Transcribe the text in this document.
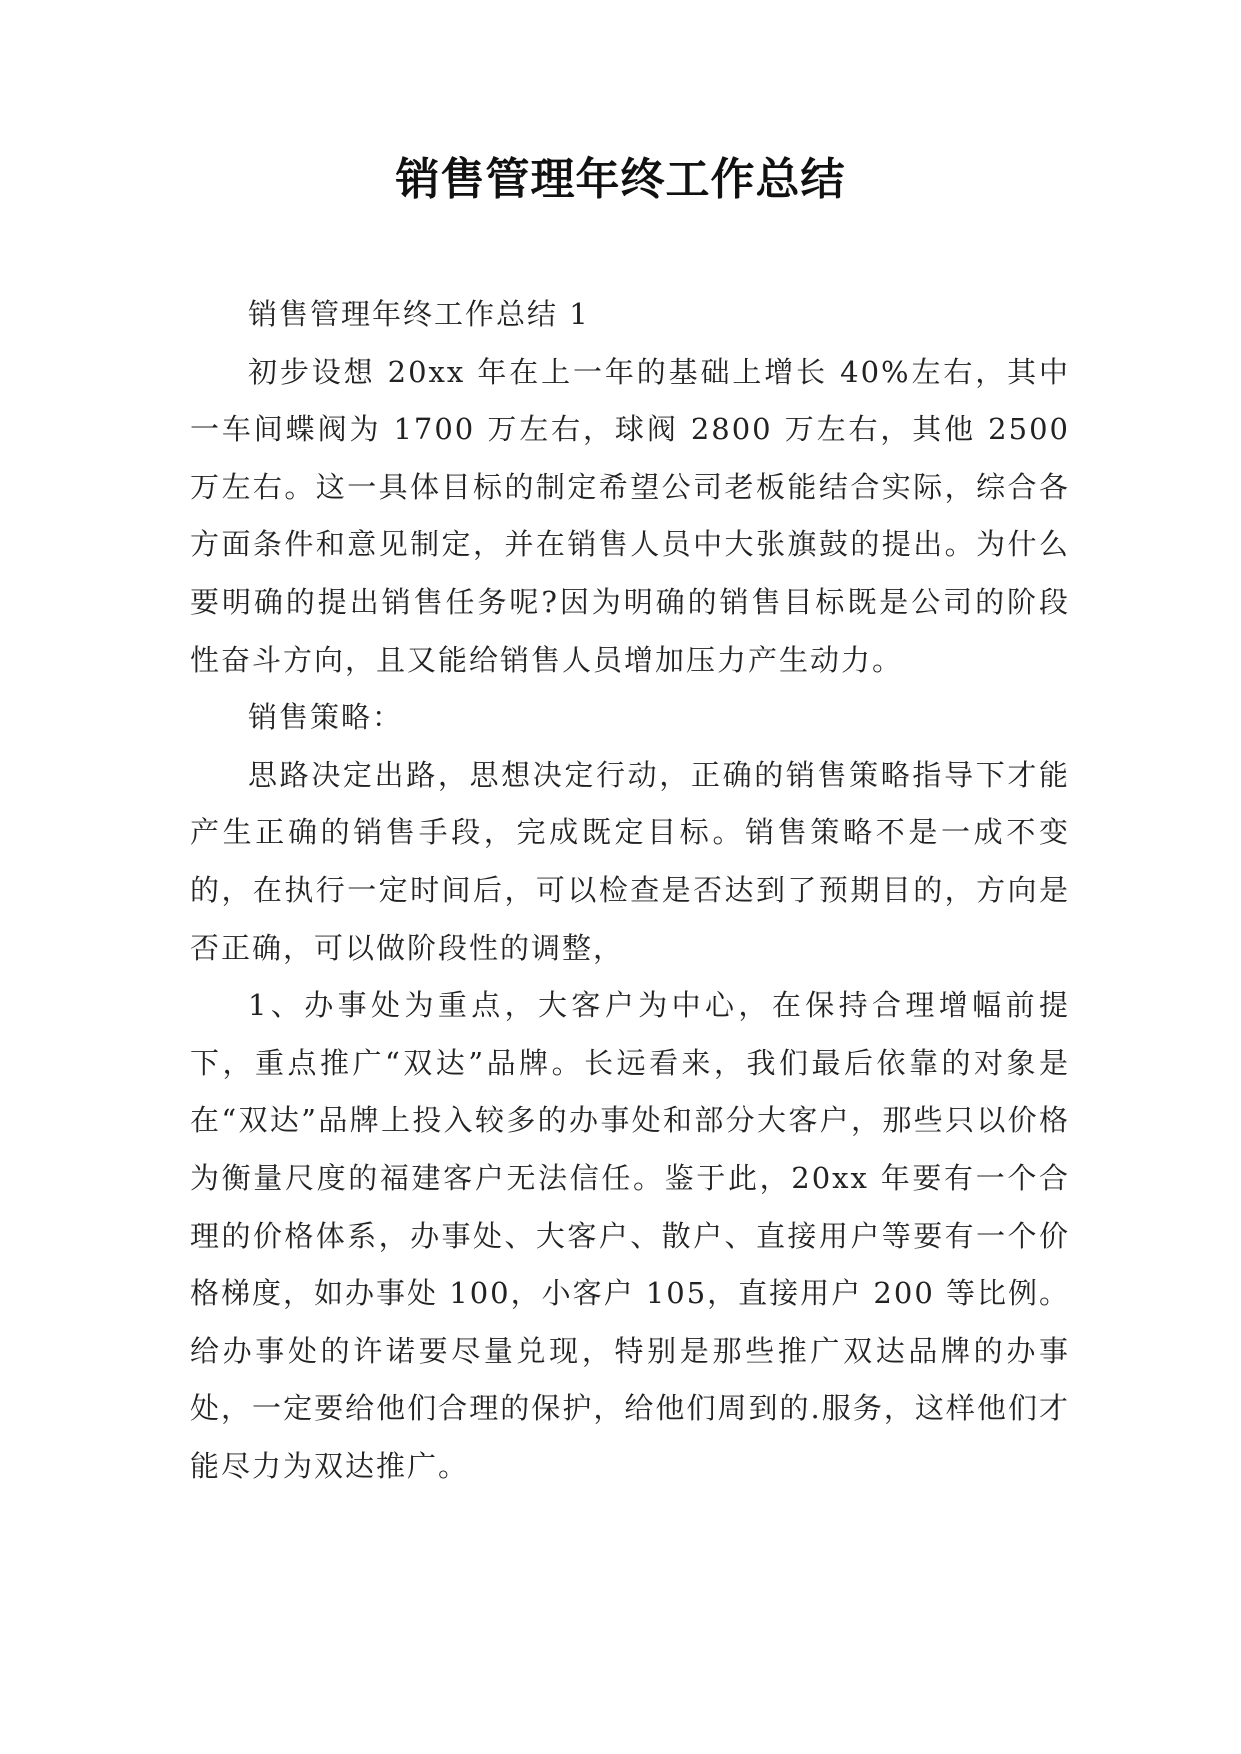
销售管理年终工作总结

销售管理年终工作总结 1

初步设想 20xx 年在上一年的基础上增长 40%左右，其中一车间蝶阀为 1700 万左右，球阀 2800 万左右，其他 2500 万左右。这一具体目标的制定希望公司老板能结合实际，综合各方面条件和意见制定，并在销售人员中大张旗鼓的提出。为什么要明确的提出销售任务呢?因为明确的销售目标既是公司的阶段性奋斗方向，且又能给销售人员增加压力产生动力。

销售策略：

思路决定出路，思想决定行动，正确的销售策略指导下才能产生正确的销售手段，完成既定目标。销售策略不是一成不变的，在执行一定时间后，可以检查是否达到了预期目的，方向是否正确，可以做阶段性的调整，

1、办事处为重点，大客户为中心，在保持合理增幅前提下，重点推广“双达”品牌。长远看来，我们最后依靠的对象是在“双达”品牌上投入较多的办事处和部分大客户，那些只以价格为衡量尺度的福建客户无法信任。鉴于此，20xx 年要有一个合理的价格体系，办事处、大客户、散户、直接用户等要有一个价格梯度，如办事处 100，小客户 105，直接用户 200 等比例。给办事处的许诺要尽量兑现，特别是那些推广双达品牌的办事处，一定要给他们合理的保护，给他们周到的.服务，这样他们才能尽力为双达推广。
